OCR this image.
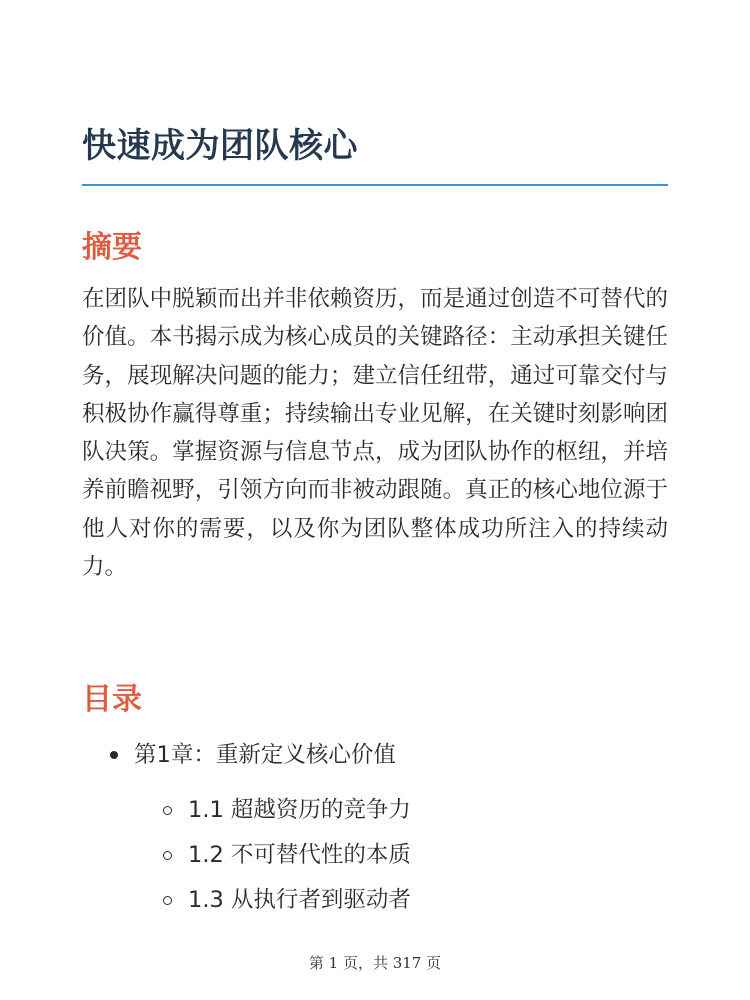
快速成为团队核心
摘要

在团队中脱颖而出并非依赖资历，而是通过创造不可替代的价值。本书揭示成为核心成员的关键路径：主动承担关键任务，展现解决问题的能力；建立信任纽带，通过可靠交付与积极协作赢得尊重；持续输出专业见解，在关键时刻影响团队决策。掌握资源与信息节点，成为团队协作的枢纽，并培养前瞻视野，引领方向而非被动跟随。真正的核心地位源于他人对你的需要，以及你为团队整体成功所注入的持续动力。

目录
第1章：重新定义核心价值
1.1 超越资历的竞争力
1.2 不可替代性的本质
1.3 从执行者到驱动者
第 1 页，共 317 页
